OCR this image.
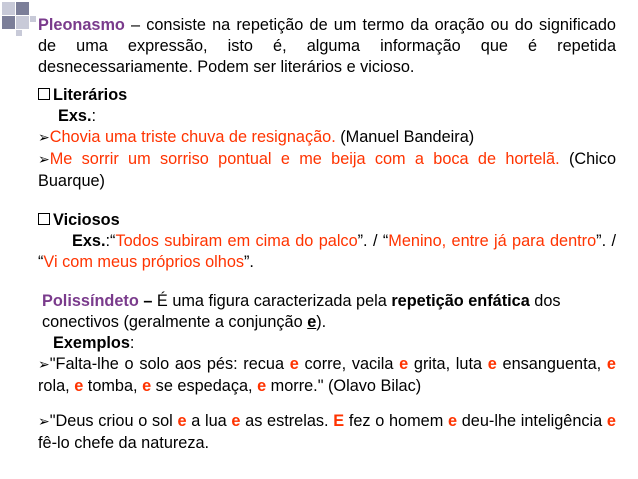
Pleonasmo – consiste na repetição de um termo da oração ou do significado de uma expressão, isto é, alguma informação que é repetida desnecessariamente. Podem ser literários e vicioso.

Literários

Exs.:

➢Chovia uma triste chuva de resignação. (Manuel Bandeira)

➢Me sorrir um sorriso pontual e me beija com a boca de hortelã. (Chico Buarque)

Viciosos

Exs.:“Todos subiram em cima do palco”. / “Menino, entre já para dentro”. / “Vi com meus próprios olhos”.

Polissíndeto – É uma figura caracterizada pela repetição enfática dos conectivos (geralmente a conjunção e).

Exemplos:

➢"Falta-lhe o solo aos pés: recua e corre, vacila e grita, luta e ensanguenta, e rola, e tomba, e se espedaça, e morre." (Olavo Bilac)

➢"Deus criou o sol e a lua e as estrelas. E fez o homem e deu-lhe inteligência e fê-lo chefe da natureza.
